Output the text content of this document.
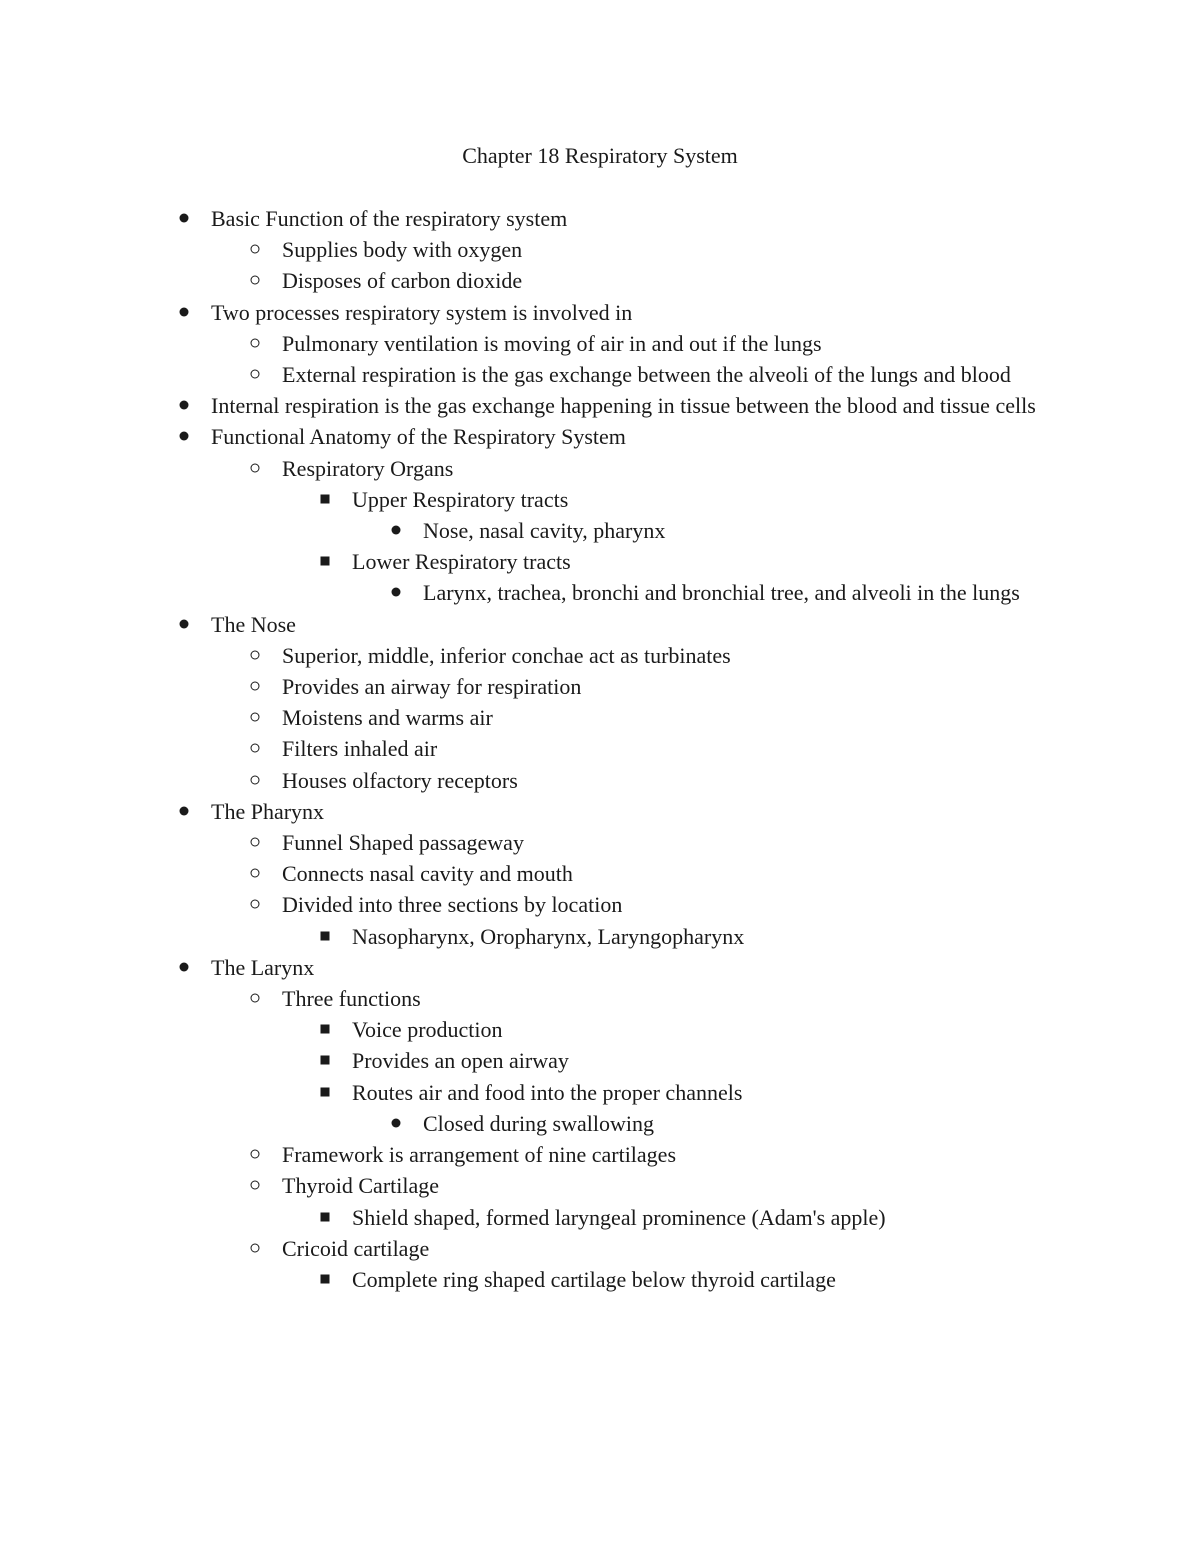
Chapter 18 Respiratory System
Basic Function of the respiratory system
Supplies body with oxygen
Disposes of carbon dioxide
Two processes respiratory system is involved in
Pulmonary ventilation is moving of air in and out if the lungs
External respiration is the gas exchange between the alveoli of the lungs and blood
Internal respiration is the gas exchange happening in tissue between the blood and tissue cells
Functional Anatomy of the Respiratory System
Respiratory Organs
Upper Respiratory tracts
Nose, nasal cavity, pharynx
Lower Respiratory tracts
Larynx, trachea, bronchi and bronchial tree, and alveoli in the lungs
The Nose
Superior, middle, inferior conchae act as turbinates
Provides an airway for respiration
Moistens and warms air
Filters inhaled air
Houses olfactory receptors
The Pharynx
Funnel Shaped passageway
Connects nasal cavity and mouth
Divided into three sections by location
Nasopharynx, Oropharynx, Laryngopharynx
The Larynx
Three functions
Voice production
Provides an open airway
Routes air and food into the proper channels
Closed during swallowing
Framework is arrangement of nine cartilages
Thyroid Cartilage
Shield shaped, formed laryngeal prominence (Adam's apple)
Cricoid cartilage
Complete ring shaped cartilage below thyroid cartilage
